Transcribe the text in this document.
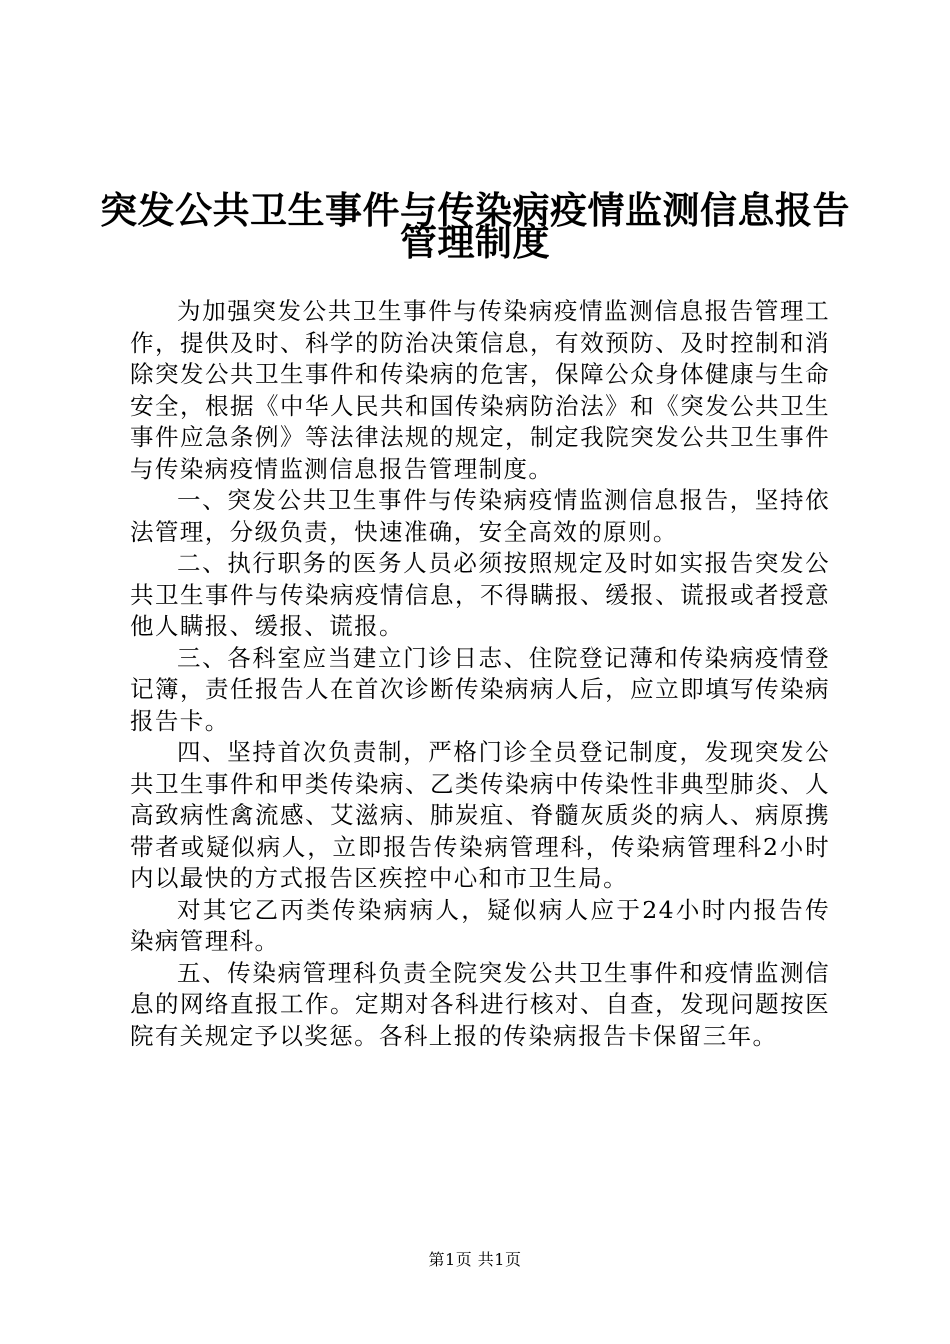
突发公共卫生事件与传染病疫情监测信息报告
管理制度

为加强突发公共卫生事件与传染病疫情监测信息报告管理工作，提供及时、科学的防治决策信息，有效预防、及时控制和消除突发公共卫生事件和传染病的危害，保障公众身体健康与生命安全，根据《中华人民共和国传染病防治法》和《突发公共卫生事件应急条例》等法律法规的规定，制定我院突发公共卫生事件与传染病疫情监测信息报告管理制度。

一、突发公共卫生事件与传染病疫情监测信息报告，坚持依法管理，分级负责，快速准确，安全高效的原则。

二、执行职务的医务人员必须按照规定及时如实报告突发公共卫生事件与传染病疫情信息，不得瞒报、缓报、谎报或者授意他人瞒报、缓报、谎报。

三、各科室应当建立门诊日志、住院登记薄和传染病疫情登记簿，责任报告人在首次诊断传染病病人后，应立即填写传染病报告卡。

四、坚持首次负责制，严格门诊全员登记制度，发现突发公共卫生事件和甲类传染病、乙类传染病中传染性非典型肺炎、人高致病性禽流感、艾滋病、肺炭疽、脊髓灰质炎的病人、病原携带者或疑似病人，立即报告传染病管理科，传染病管理科2小时内以最快的方式报告区疾控中心和市卫生局。

对其它乙丙类传染病病人，疑似病人应于24小时内报告传染病管理科。

五、传染病管理科负责全院突发公共卫生事件和疫情监测信息的网络直报工作。定期对各科进行核对、自查，发现问题按医院有关规定予以奖惩。各科上报的传染病报告卡保留三年。

第1页 共1页
